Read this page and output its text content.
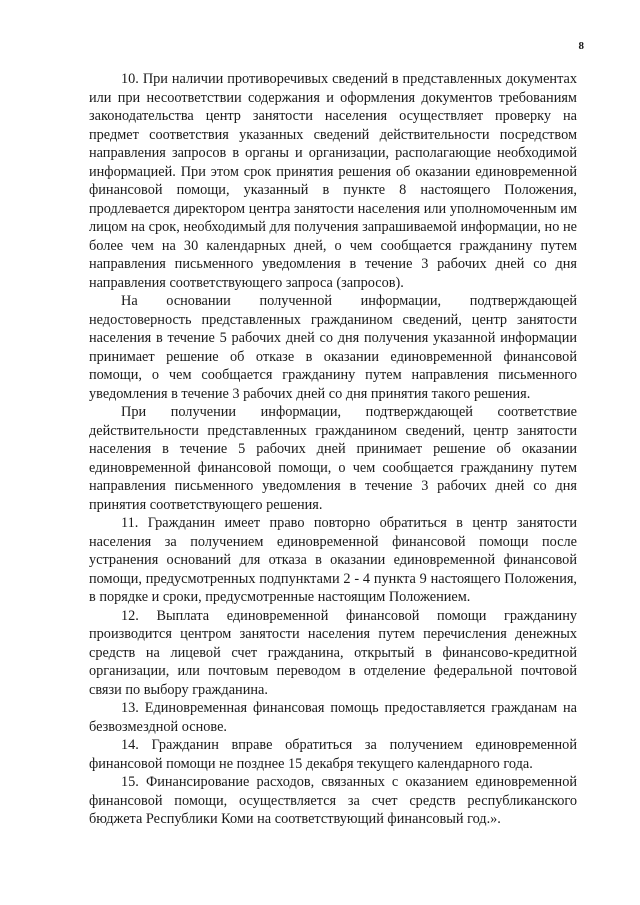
8

10. При наличии противоречивых сведений в представленных документах или при несоответствии содержания и оформления документов требованиям законодательства центр занятости населения осуществляет проверку на предмет соответствия указанных сведений действительности посредством направления запросов в органы и организации, располагающие необходимой информацией. При этом срок принятия решения об оказании единовременной финансовой помощи, указанный в пункте 8 настоящего Положения, продлевается директором центра занятости населения или уполномоченным им лицом на срок, необходимый для получения запрашиваемой информации, но не более чем на 30 календарных дней, о чем сообщается гражданину путем направления письменного уведомления в течение 3 рабочих дней со дня направления соответствующего запроса (запросов).

На основании полученной информации, подтверждающей недостоверность представленных гражданином сведений, центр занятости населения в течение 5 рабочих дней со дня получения указанной информации принимает решение об отказе в оказании единовременной финансовой помощи, о чем сообщается гражданину путем направления письменного уведомления в течение 3 рабочих дней со дня принятия такого решения.

При получении информации, подтверждающей соответствие действительности представленных гражданином сведений, центр занятости населения в течение 5 рабочих дней принимает решение об оказании единовременной финансовой помощи, о чем сообщается гражданину путем направления письменного уведомления в течение 3 рабочих дней со дня принятия соответствующего решения.

11. Гражданин имеет право повторно обратиться в центр занятости населения за получением единовременной финансовой помощи после устранения оснований для отказа в оказании единовременной финансовой помощи, предусмотренных подпунктами 2 - 4 пункта 9 настоящего Положения, в порядке и сроки, предусмотренные настоящим Положением.

12. Выплата единовременной финансовой помощи гражданину производится центром занятости населения путем перечисления денежных средств на лицевой счет гражданина, открытый в финансово-кредитной организации, или почтовым переводом в отделение федеральной почтовой связи по выбору гражданина.

13. Единовременная финансовая помощь предоставляется гражданам на безвозмездной основе.

14. Гражданин вправе обратиться за получением единовременной финансовой помощи не позднее 15 декабря текущего календарного года.

15. Финансирование расходов, связанных с оказанием единовременной финансовой помощи, осуществляется за счет средств республиканского бюджета Республики Коми на соответствующий финансовый год.».
